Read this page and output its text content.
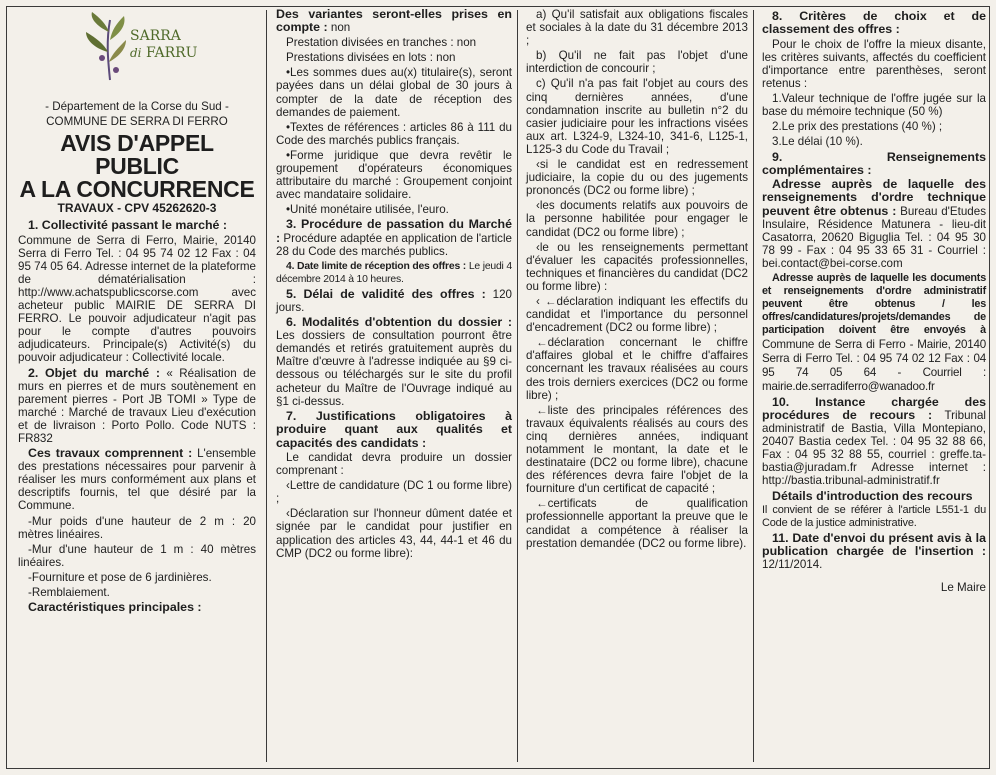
SARRA
di FARRU

- Département de la Corse du Sud -

COMMUNE DE SERRA DI FERRO

AVIS D'APPEL PUBLIC
A LA CONCURRENCE
TRAVAUX - CPV 45262620-3

1. Collectivité passant le marché :

Commune de Serra di Ferro, Mairie, 20140 Serra di Ferro Tel. : 04 95 74 02 12 Fax : 04 95 74 05 64. Adresse internet de la plateforme de dématérialisation : http://www.achatspublicscorse.com avec acheteur public MAIRIE DE SERRA DI FERRO. Le pouvoir adjudicateur n'agit pas pour le compte d'autres pouvoirs adjudicateurs. Principale(s) Activité(s) du pouvoir adjudicateur : Collectivité locale.

2. Objet du marché : « Réalisation de murs en pierres et de murs soutènement en parement pierres - Port JB TOMI » Type de marché : Marché de travaux Lieu d'exécution et de livraison : Porto Pollo. Code NUTS : FR832

Ces travaux comprennent : L'ensemble des prestations nécessaires pour parvenir à réaliser les murs conformément aux plans et descriptifs fournis, tel que désiré par la Commune.

-Mur poids d'une hauteur de 2 m : 20 mètres linéaires.

-Mur d'une hauteur de 1 m : 40 mètres linéaires.

-Fourniture et pose de 6 jardinières.

-Remblaiement.

Caractéristiques principales :

Des variantes seront-elles prises en compte : non

Prestation divisées en tranches : non

Prestations divisées en lots : non

•Les sommes dues au(x) titulaire(s), seront payées dans un délai global de 30 jours à compter de la date de réception des demandes de paiement.

•Textes de références : articles 86 à 111 du Code des marchés publics français.

•Forme juridique que devra revêtir le groupement d'opérateurs économiques attributaire du marché : Groupement conjoint avec mandataire solidaire.

•Unité monétaire utilisée, l'euro.

3. Procédure de passation du Marché : Procédure adaptée en application de l'article 28 du Code des marchés publics.

4. Date limite de réception des offres : Le jeudi 4 décembre 2014 à 10 heures.

5. Délai de validité des offres : 120 jours.

6. Modalités d'obtention du dossier : Les dossiers de consultation pourront être demandés et retirés gratuitement auprès du Maître d'œuvre à l'adresse indiquée au §9 ci-dessous ou téléchargés sur le site du profil acheteur du Maître de l'Ouvrage indiqué au §1 ci-dessus.

7. Justifications obligatoires à produire quant aux qualités et capacités des candidats :

Le candidat devra produire un dossier comprenant :

‹Lettre de candidature (DC 1 ou forme libre) ;

‹Déclaration sur l'honneur dûment datée et signée par le candidat pour justifier en application des articles 43, 44, 44-1 et 46 du CMP (DC2 ou forme libre):

a) Qu'il satisfait aux obligations fiscales et sociales à la date du 31 décembre 2013 ;

b) Qu'il ne fait pas l'objet d'une interdiction de concourir ;

c) Qu'il n'a pas fait l'objet au cours des cinq dernières années, d'une condamnation inscrite au bulletin n°2 du casier judiciaire pour les infractions visées aux art. L324-9, L324-10, 341-6, L125-1, L125-3 du Code du Travail ;

‹si le candidat est en redressement judiciaire, la copie du ou des jugements prononcés (DC2 ou forme libre) ;

‹les documents relatifs aux pouvoirs de la personne habilitée pour engager le candidat (DC2 ou forme libre) ;

‹le ou les renseignements permettant d'évaluer les capacités professionnelles, techniques et financières du candidat (DC2 ou forme libre) :

‹ ←déclaration indiquant les effectifs du candidat et l'importance du personnel d'encadrement (DC2 ou forme libre) ;

←déclaration concernant le chiffre d'affaires global et le chiffre d'affaires concernant les travaux réalisées au cours des trois derniers exercices (DC2 ou forme libre) ;

←liste des principales références des travaux équivalents réalisés au cours des cinq dernières années, indiquant notamment le montant, la date et le destinataire (DC2 ou forme libre), chacune des références devra faire l'objet de la fourniture d'un certificat de capacité ;

←certificats de qualification professionnelle apportant la preuve que le candidat a compétence à réaliser la prestation demandée (DC2 ou forme libre).

8. Critères de choix et de classement des offres :

Pour le choix de l'offre la mieux disante, les critères suivants, affectés du coefficient d'importance entre parenthèses, seront retenus :

1.Valeur technique de l'offre jugée sur la base du mémoire technique (50 %)

2.Le prix des prestations (40 %) ;

3.Le délai (10 %).

9. Renseignements complémentaires :

Adresse auprès de laquelle des renseignements d'ordre technique peuvent être obtenus : Bureau d'Etudes Insulaire, Résidence Matunera - lieu-dit Casatorra, 20620 Biguglia Tel. : 04 95 30 78 99 - Fax : 04 95 33 65 31 - Courriel : bei.contact@bei-corse.com

Adresse auprès de laquelle les documents et renseignements d'ordre administratif peuvent être obtenus / les offres/candidatures/projets/demandes de participation doivent être envoyés à Commune de Serra di Ferro - Mairie, 20140 Serra di Ferro Tel. : 04 95 74 02 12 Fax : 04 95 74 05 64 - Courriel : mairie.de.serradiferro@wanadoo.fr

10. Instance chargée des procédures de recours : Tribunal administratif de Bastia, Villa Montepiano, 20407 Bastia cedex Tel. : 04 95 32 88 66, Fax : 04 95 32 88 55, courriel : greffe.ta-bastia@juradam.fr Adresse internet : http://bastia.tribunal-administratif.fr

Détails d'introduction des recours

Il convient de se référer à l'article L551-1 du Code de la justice administrative.

11. Date d'envoi du présent avis à la publication chargée de l'insertion : 12/11/2014.

Le Maire
